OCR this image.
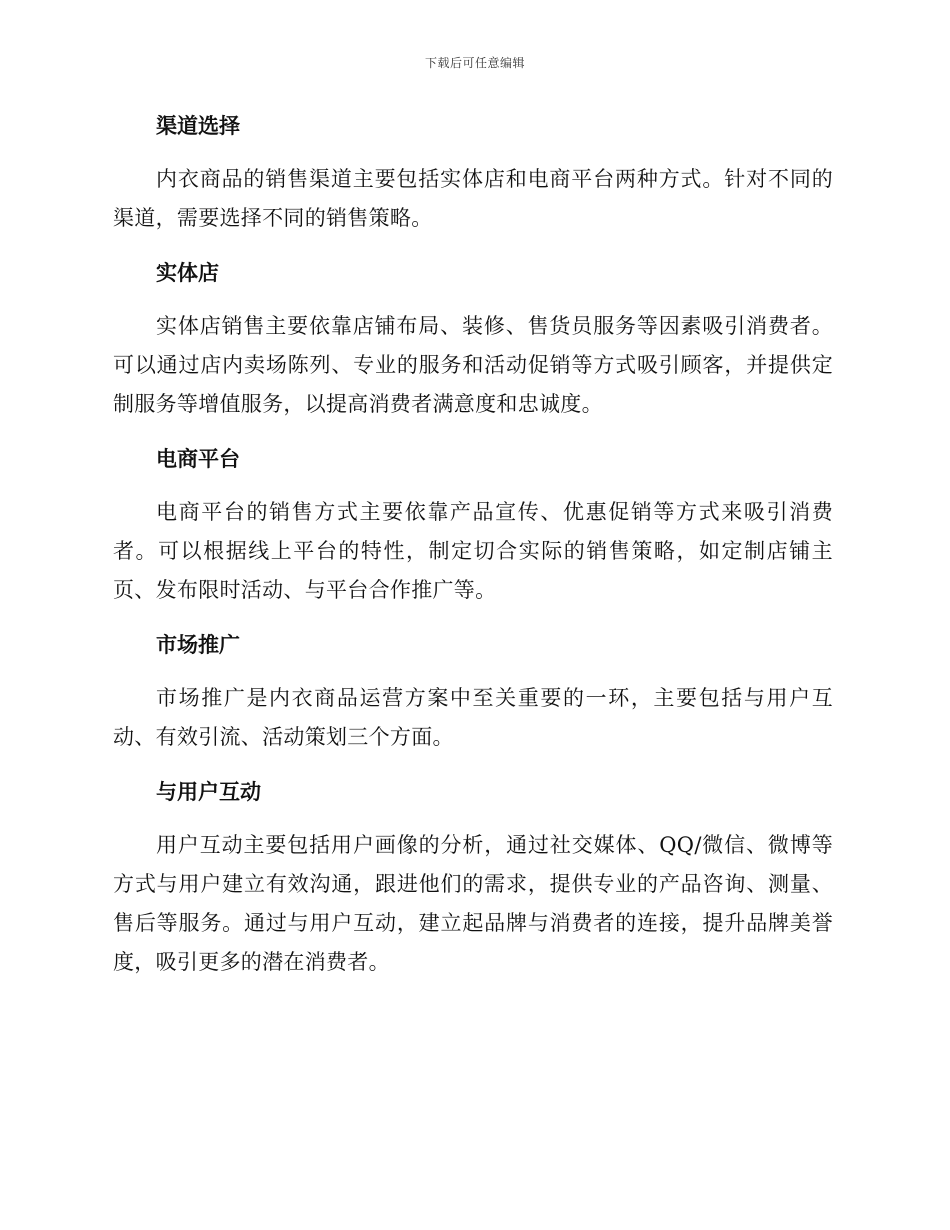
下载后可任意编辑
渠道选择

内衣商品的销售渠道主要包括实体店和电商平台两种方式。针对不同的渠道，需要选择不同的销售策略。

实体店

实体店销售主要依靠店铺布局、装修、售货员服务等因素吸引消费者。可以通过店内卖场陈列、专业的服务和活动促销等方式吸引顾客，并提供定制服务等增值服务，以提高消费者满意度和忠诚度。

电商平台

电商平台的销售方式主要依靠产品宣传、优惠促销等方式来吸引消费者。可以根据线上平台的特性，制定切合实际的销售策略，如定制店铺主页、发布限时活动、与平台合作推广等。

市场推广

市场推广是内衣商品运营方案中至关重要的一环，主要包括与用户互动、有效引流、活动策划三个方面。

与用户互动

用户互动主要包括用户画像的分析，通过社交媒体、QQ/微信、微博等方式与用户建立有效沟通，跟进他们的需求，提供专业的产品咨询、测量、售后等服务。通过与用户互动，建立起品牌与消费者的连接，提升品牌美誉度，吸引更多的潜在消费者。
